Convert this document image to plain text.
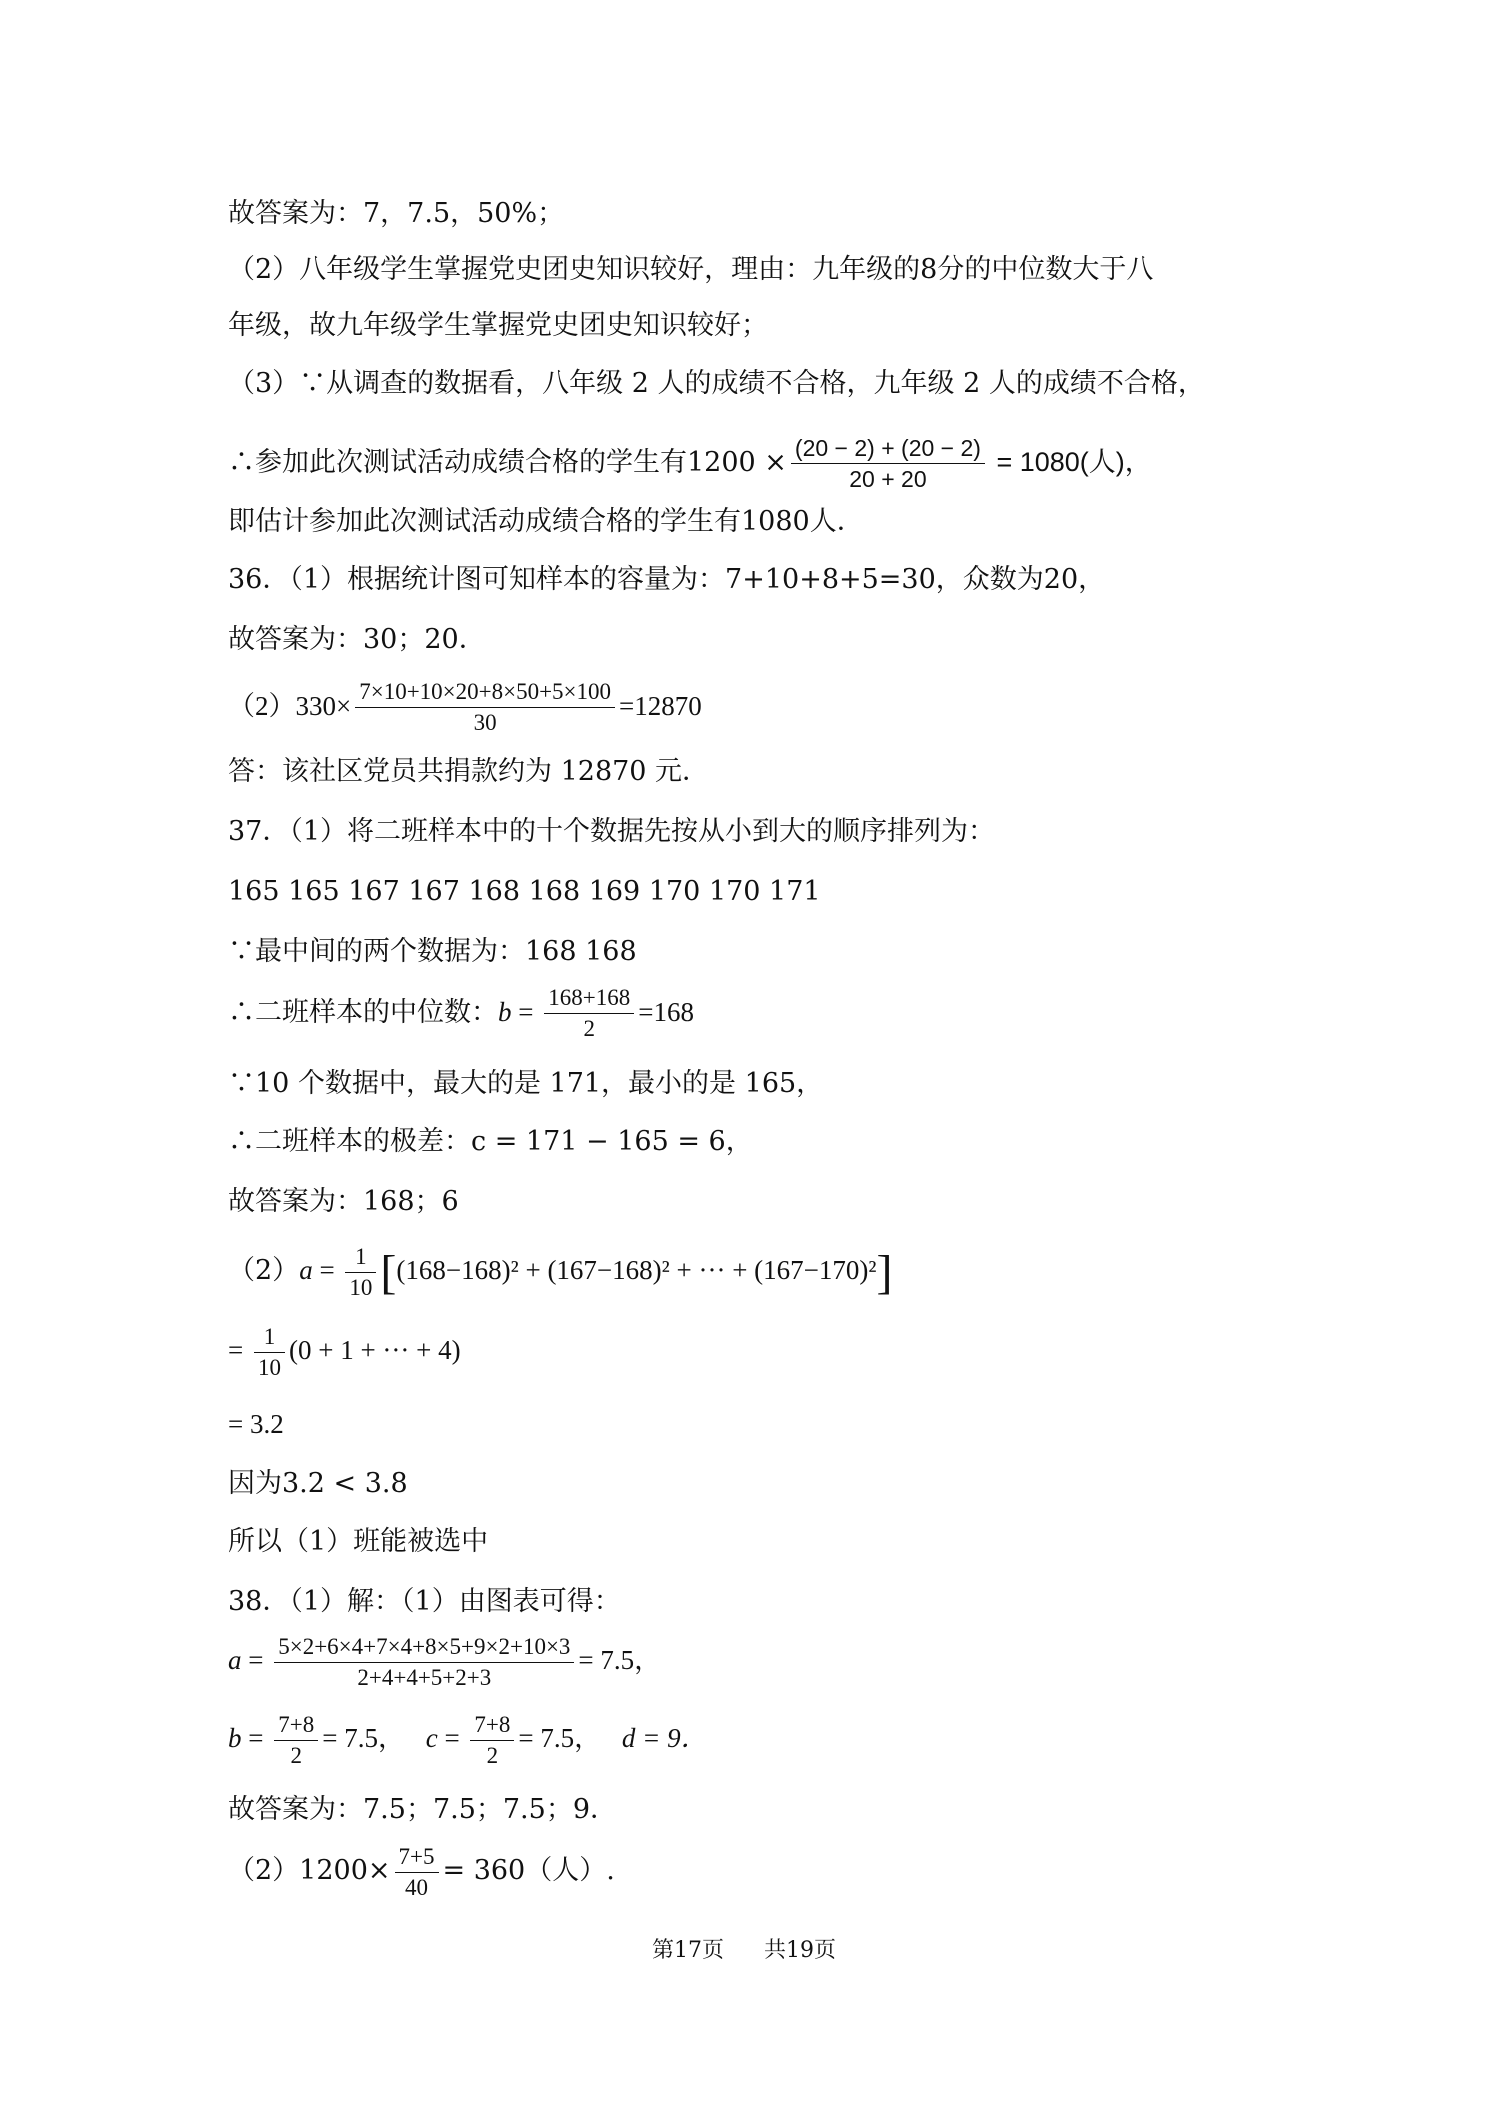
故答案为：7，7.5，50%；
（2）八年级学生掌握党史团史知识较好，理由：九年级的8分的中位数大于八
年级，故九年级学生掌握党史团史知识较好；
（3）∵从调查的数据看，八年级 2 人的成绩不合格，九年级 2 人的成绩不合格，
∴参加此次测试活动成绩合格的学生有$1200 \times \frac{(20 - 2) + (20 - 2)}{20 + 20} = 1080$(人)，
即估计参加此次测试活动成绩合格的学生有1080人．
36．（1）根据统计图可知样本的容量为：7+10+8+5=30，众数为20，
故答案为：30；20．
$(2)330\times \frac{7\times 10+10\times 20+8\times 50+5\times 100}{30} =12870$
答：该社区党员共捐款约为 12870 元．
37．（1）将二班样本中的十个数据先按从小到大的顺序排列为：
165 165 167 167 168 168 169 170 170 171
∵最中间的两个数据为：168 168
∴二班样本的中位数：$b = \frac{168+168}{2} =168$
∵10 个数据中，最大的是 171，最小的是 165，
∴二班样本的极差：c = 171 − 165 = 6，
故答案为：168；6
$(2)a = \frac{1}{10} [(168-168)^2 + (167-168)^2$ + ··· + (167−170)²]
= $\frac{1}{10} (0 + 1$ + ··· + 4)
= 3.2
因为3.2 < 3.8
所以（1）班能被选中
38．（1）解：（1）由图表可得：
$a = \frac{5\times 2+6\times 4+7\times 4+8\times 5+9\times 2+10\times 3}{2+4+4+5+2+3} = 7.5$，
$b = \frac{7+8}{2} = 7.5$， $c = \frac{7+8}{2} = 7.5$， d = 9．
故答案为：7.5；7.5；7.5；9．
$(2)1200\times \frac{7+5}{40} = 360$（人）.
第17页 共19页
